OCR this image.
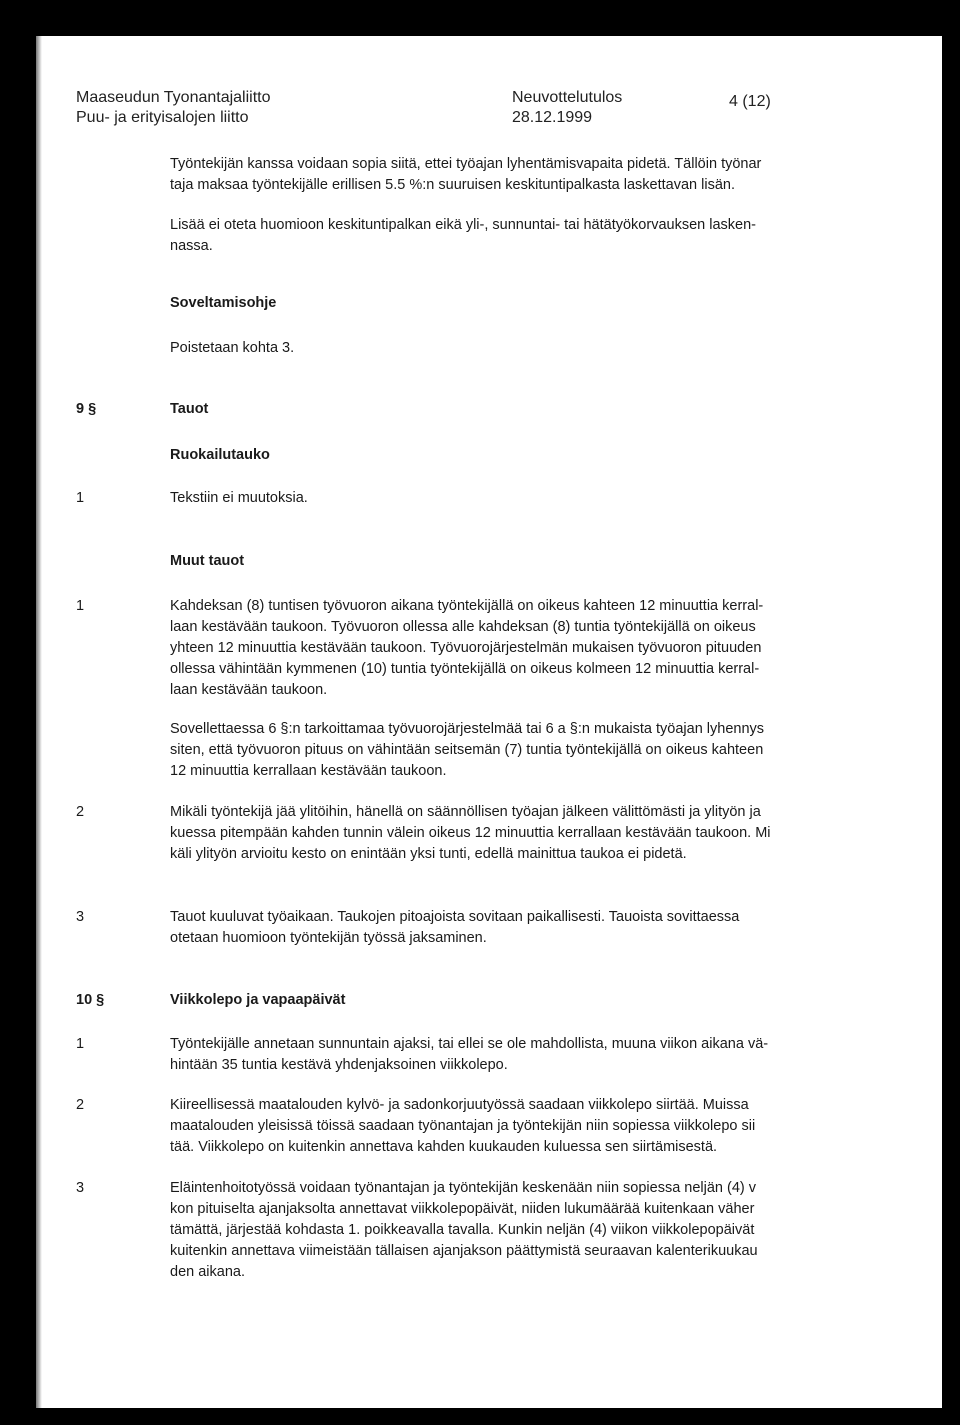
Maaseudun Tyonantajaliitto
Puu- ja erityisalojen liitto
Neuvottelutulos
28.12.1999
4 (12)
Työntekijän kanssa voidaan sopia siitä, ettei työajan lyhentämisvapaita pidetä. Tällöin työnar
taja maksaa työntekijälle erillisen 5.5 %:n suuruisen keskituntipalkasta laskettavan lisän.
Lisää ei oteta huomioon keskituntipalkan eikä yli-, sunnuntai- tai hätätyökorvauksen lasken-
nassa.
Soveltamisohje
Poistetaan kohta 3.
9 §	Tauot
Ruokailutauko
1	Tekstiin ei muutoksia.
Muut tauot
1	Kahdeksan (8) tuntisen työvuoron aikana työntekijällä on oikeus kahteen 12 minuuttia kerral-
laan kestävään taukoon. Työvuoron ollessa alle kahdeksan (8) tuntia työntekijällä on oikeus
yhteen 12 minuuttia kestävään taukoon. Työvuorojärjestelmän mukaisen työvuoron pituuden
ollessa vähintään kymmenen (10) tuntia työntekijällä on oikeus kolmeen 12 minuuttia kerral-
laan kestävään taukoon.
Sovellettaessa 6 §:n tarkoittamaa työvuorojärjestelmää tai 6 a §:n mukaista työajan lyhennys
siten, että työvuoron pituus on vähintään seitsemän (7) tuntia työntekijällä on oikeus kahteen
12 minuuttia kerrallaan kestävään taukoon.
2	Mikäli työntekijä jää ylitöihin, hänellä on säännöllisen työajan jälkeen välittömästi ja ylityön ja
kuessa pitempään kahden tunnin välein oikeus 12 minuuttia kerrallaan kestävään taukoon. Mi
käli ylityön arvioitu kesto on enintään yksi tunti, edellä mainittua taukoa ei pidetä.
3	Tauot kuuluvat työaikaan. Taukojen pitoajoista sovitaan paikallisesti. Tauoista sovittaessa
otetaan huomioon työntekijän työssä jaksaminen.
10 §	Viikkolepo ja vapaapäivät
1	Työntekijälle annetaan sunnuntain ajaksi, tai ellei se ole mahdollista, muuna viikon aikana vä-
hintään 35 tuntia kestävä yhdenjaksoinen viikkolepo.
2	Kiireellisessä maatalouden kylvö- ja sadonkorjuutyössä saadaan viikkolepo siirtää. Muissa
maatalouden yleisissä töissä saadaan työnantajan ja työntekijän niin sopiessa viikkolepo sii
tää. Viikkolepo on kuitenkin annettava kahden kuukauden kuluessa sen siirtämisestä.
3	Eläintenhoitotyössä voidaan työnantajan ja työntekijän keskenään niin sopiessa neljän (4) v
kon pituiselta ajanjaksolta annettavat viikkolepopäivät, niiden lukumäärää kuitenkaan väher
tämättä, järjestää kohdasta 1. poikkeavalla tavalla. Kunkin neljän (4) viikon viikkolepopäivät
kuitenkin annettava viimeistään tällaisen ajanjakson päättymistä seuraavan kalenterikuukau
den aikana.
